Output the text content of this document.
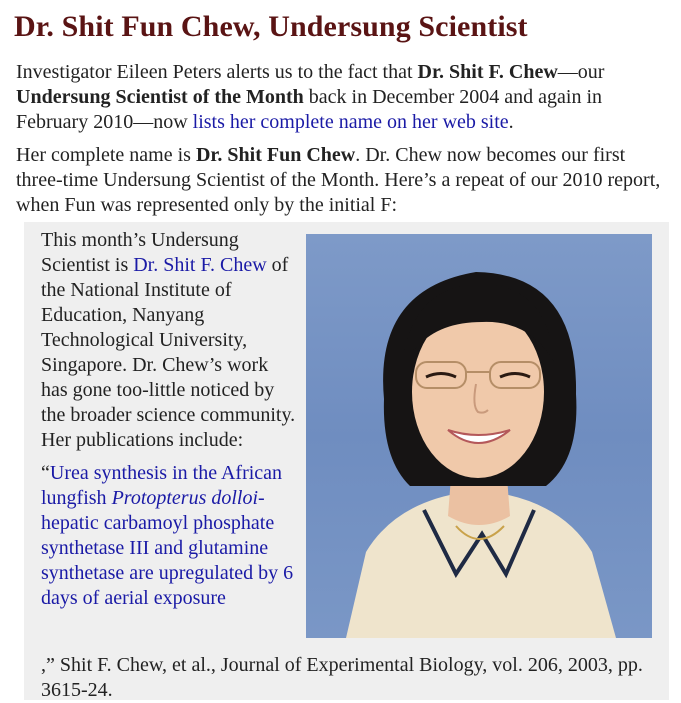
Dr. Shit Fun Chew, Undersung Scientist

Investigator Eileen Peters alerts us to the fact that Dr. Shit F. Chew—our Undersung Scientist of the Month back in December 2004 and again in February 2010—now lists her complete name on her web site.

Her complete name is Dr. Shit Fun Chew. Dr. Chew now becomes our first three-time Undersung Scientist of the Month. Here’s a repeat of our 2010 report, when Fun was represented only by the initial F:

This month’s Undersung Scientist is Dr. Shit F. Chew of the National Institute of Education, Nanyang Technological University, Singapore. Dr. Chew’s work has gone too-little noticed by the broader science community. Her publications include:

“Urea synthesis in the African lungfish Protopterus dolloi-hepatic carbamoyl phosphate synthetase III and glutamine synthetase are upregulated by 6 days of aerial exposure

,” Shit F. Chew, et al., Journal of Experimental Biology, vol. 206, 2003, pp. 3615-24.
